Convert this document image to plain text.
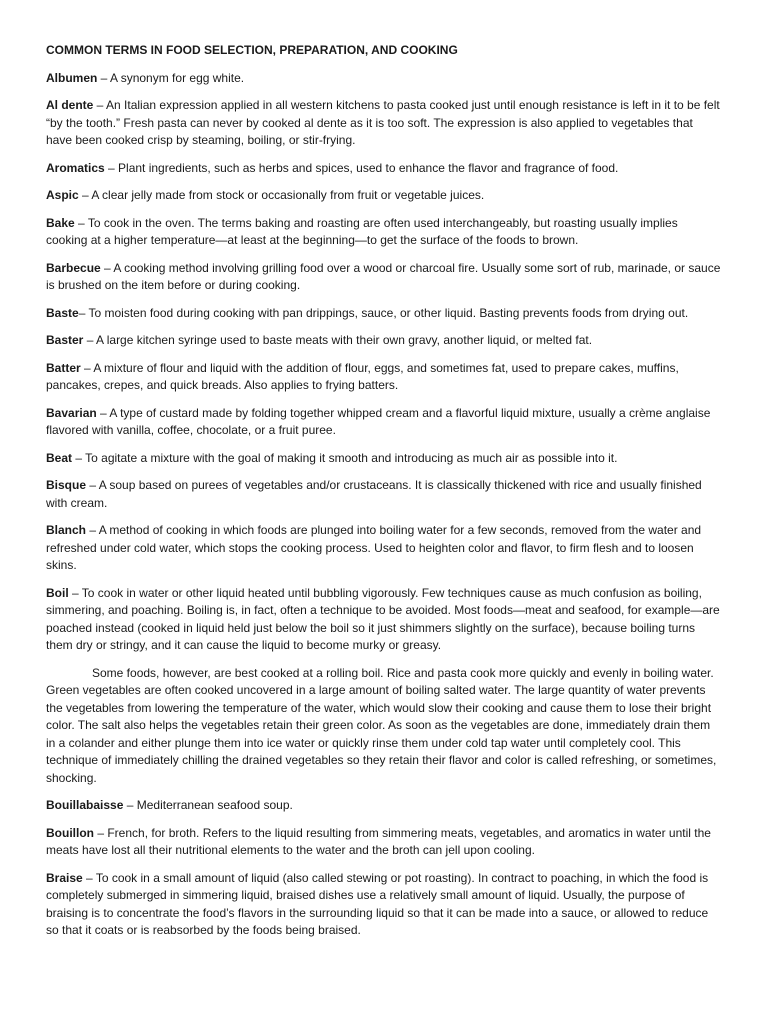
COMMON TERMS IN FOOD SELECTION, PREPARATION, AND COOKING
Albumen – A synonym for egg white.
Al dente – An Italian expression applied in all western kitchens to pasta cooked just until enough resistance is left in it to be felt “by the tooth.” Fresh pasta can never by cooked al dente as it is too soft. The expression is also applied to vegetables that have been cooked crisp by steaming, boiling, or stir-frying.
Aromatics – Plant ingredients, such as herbs and spices, used to enhance the flavor and fragrance of food.
Aspic – A clear jelly made from stock or occasionally from fruit or vegetable juices.
Bake – To cook in the oven. The terms baking and roasting are often used interchangeably, but roasting usually implies cooking at a higher temperature—at least at the beginning—to get the surface of the foods to brown.
Barbecue – A cooking method involving grilling food over a wood or charcoal fire. Usually some sort of rub, marinade, or sauce is brushed on the item before or during cooking.
Baste– To moisten food during cooking with pan drippings, sauce, or other liquid. Basting prevents foods from drying out.
Baster – A large kitchen syringe used to baste meats with their own gravy, another liquid, or melted fat.
Batter – A mixture of flour and liquid with the addition of flour, eggs, and sometimes fat, used to prepare cakes, muffins, pancakes, crepes, and quick breads. Also applies to frying batters.
Bavarian – A type of custard made by folding together whipped cream and a flavorful liquid mixture, usually a crème anglaise flavored with vanilla, coffee, chocolate, or a fruit puree.
Beat – To agitate a mixture with the goal of making it smooth and introducing as much air as possible into it.
Bisque – A soup based on purees of vegetables and/or crustaceans. It is classically thickened with rice and usually finished with cream.
Blanch – A method of cooking in which foods are plunged into boiling water for a few seconds, removed from the water and refreshed under cold water, which stops the cooking process. Used to heighten color and flavor, to firm flesh and to loosen skins.
Boil – To cook in water or other liquid heated until bubbling vigorously. Few techniques cause as much confusion as boiling, simmering, and poaching. Boiling is, in fact, often a technique to be avoided. Most foods—meat and seafood, for example—are poached instead (cooked in liquid held just below the boil so it just shimmers slightly on the surface), because boiling turns them dry or stringy, and it can cause the liquid to become murky or greasy.
Some foods, however, are best cooked at a rolling boil. Rice and pasta cook more quickly and evenly in boiling water. Green vegetables are often cooked uncovered in a large amount of boiling salted water. The large quantity of water prevents the vegetables from lowering the temperature of the water, which would slow their cooking and cause them to lose their bright color. The salt also helps the vegetables retain their green color. As soon as the vegetables are done, immediately drain them in a colander and either plunge them into ice water or quickly rinse them under cold tap water until completely cool. This technique of immediately chilling the drained vegetables so they retain their flavor and color is called refreshing, or sometimes, shocking.
Bouillabaisse – Mediterranean seafood soup.
Bouillon – French, for broth. Refers to the liquid resulting from simmering meats, vegetables, and aromatics in water until the meats have lost all their nutritional elements to the water and the broth can jell upon cooling.
Braise – To cook in a small amount of liquid (also called stewing or pot roasting). In contract to poaching, in which the food is completely submerged in simmering liquid, braised dishes use a relatively small amount of liquid. Usually, the purpose of braising is to concentrate the food’s flavors in the surrounding liquid so that it can be made into a sauce, or allowed to reduce so that it coats or is reabsorbed by the foods being braised.
